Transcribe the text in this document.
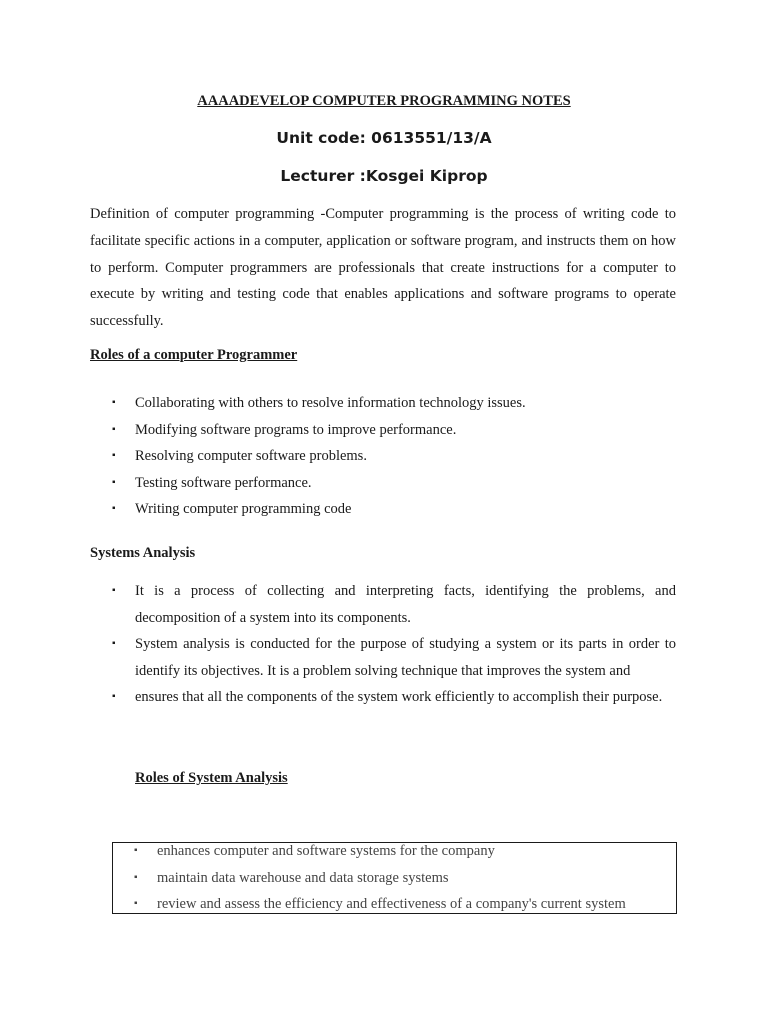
AAAADEVELOP COMPUTER PROGRAMMING NOTES
Unit code: 0613551/13/A
Lecturer :Kosgei Kiprop

Definition of computer programming -Computer programming is the process of writing code to facilitate specific actions in a computer, application or software program, and instructs them on how to perform. Computer programmers are professionals that create instructions for a computer to execute by writing and testing code that enables applications and software programs to operate successfully.

Roles of a computer Programmer

▪ Collaborating with others to resolve information technology issues.
▪ Modifying software programs to improve performance.
▪ Resolving computer software problems.
▪ Testing software performance.
▪ Writing computer programming code

Systems Analysis

▪ It is a process of collecting and interpreting facts, identifying the problems, and decomposition of a system into its components.
▪ System analysis is conducted for the purpose of studying a system or its parts in order to identify its objectives. It is a problem solving technique that improves the system and
▪ ensures that all the components of the system work efficiently to accomplish their purpose.

Roles of System Analysis

▪ enhances computer and software systems for the company
▪ maintain data warehouse and data storage systems
▪ review and assess the efficiency and effectiveness of a company's current system
